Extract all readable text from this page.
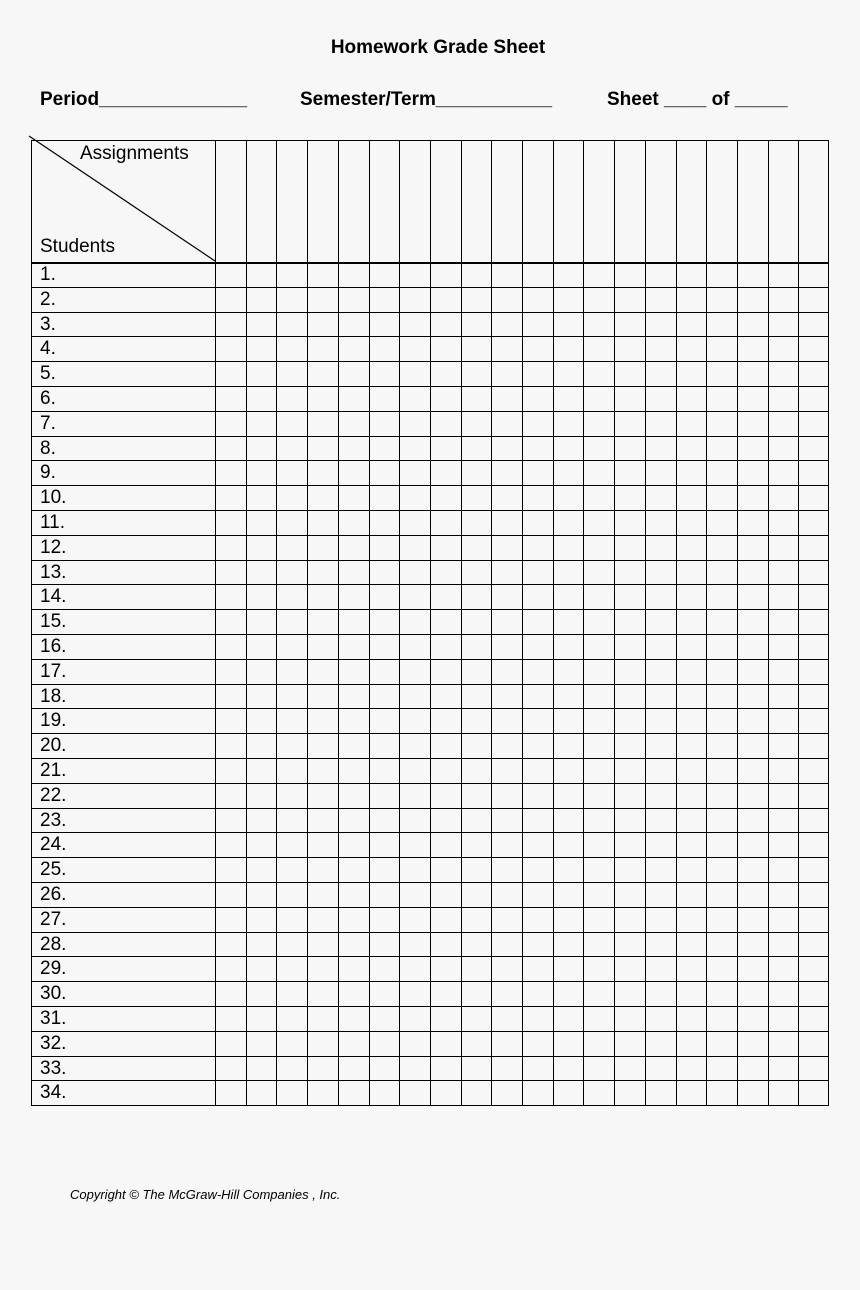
Homework Grade Sheet
Period______________	Semester/Term___________	Sheet ____ of _____
Assignments
Students
1.
2.
3.
4.
5.
6.
7.
8.
9.
10.
11.
12.
13.
14.
15.
16.
17.
18.
19.
20.
21.
22.
23.
24.
25.
26.
27.
28.
29.
30.
31.
32.
33.
34.
Copyright © The McGraw-Hill Companies , Inc.
